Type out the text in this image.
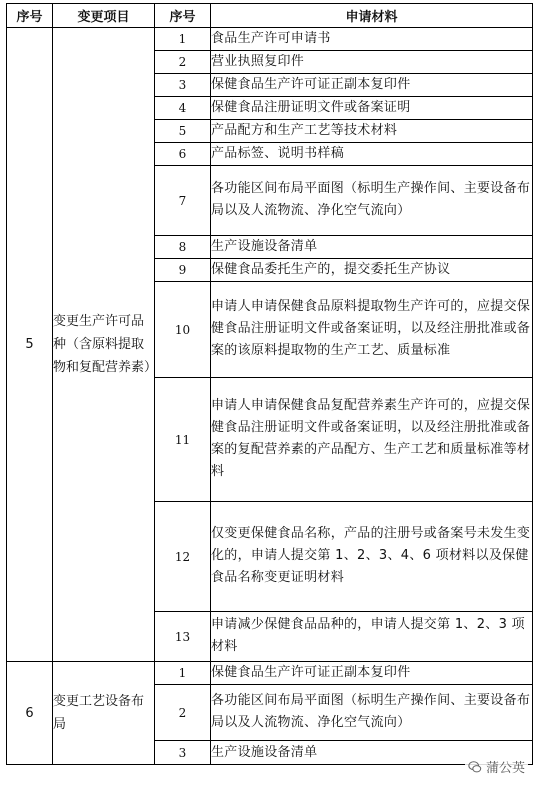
序号	变更项目	序号	申请材料
5	变更生产许可品种（含原料提取物和复配营养素）	1	食品生产许可申请书
		2	营业执照复印件
		3	保健食品生产许可证正副本复印件
		4	保健食品注册证明文件或备案证明
		5	产品配方和生产工艺等技术材料
		6	产品标签、说明书样稿
		7	各功能区间布局平面图（标明生产操作间、主要设备布局以及人流物流、净化空气流向）
		8	生产设施设备清单
		9	保健食品委托生产的，提交委托生产协议
		10	申请人申请保健食品原料提取物生产许可的，应提交保健食品注册证明文件或备案证明，以及经注册批准或备案的该原料提取物的生产工艺、质量标准
		11	申请人申请保健食品复配营养素生产许可的，应提交保健食品注册证明文件或备案证明，以及经注册批准或备案的复配营养素的产品配方、生产工艺和质量标准等材料
		12	仅变更保健食品名称，产品的注册号或备案号未发生变化的，申请人提交第 1、2、3、4、6 项材料以及保健食品名称变更证明材料
		13	申请减少保健食品品种的，申请人提交第 1、2、3 项材料
6	变更工艺设备布局	1	保健食品生产许可证正副本复印件
		2	各功能区间布局平面图（标明生产操作间、主要设备布局以及人流物流、净化空气流向）
		3	生产设施设备清单
蒲公英
